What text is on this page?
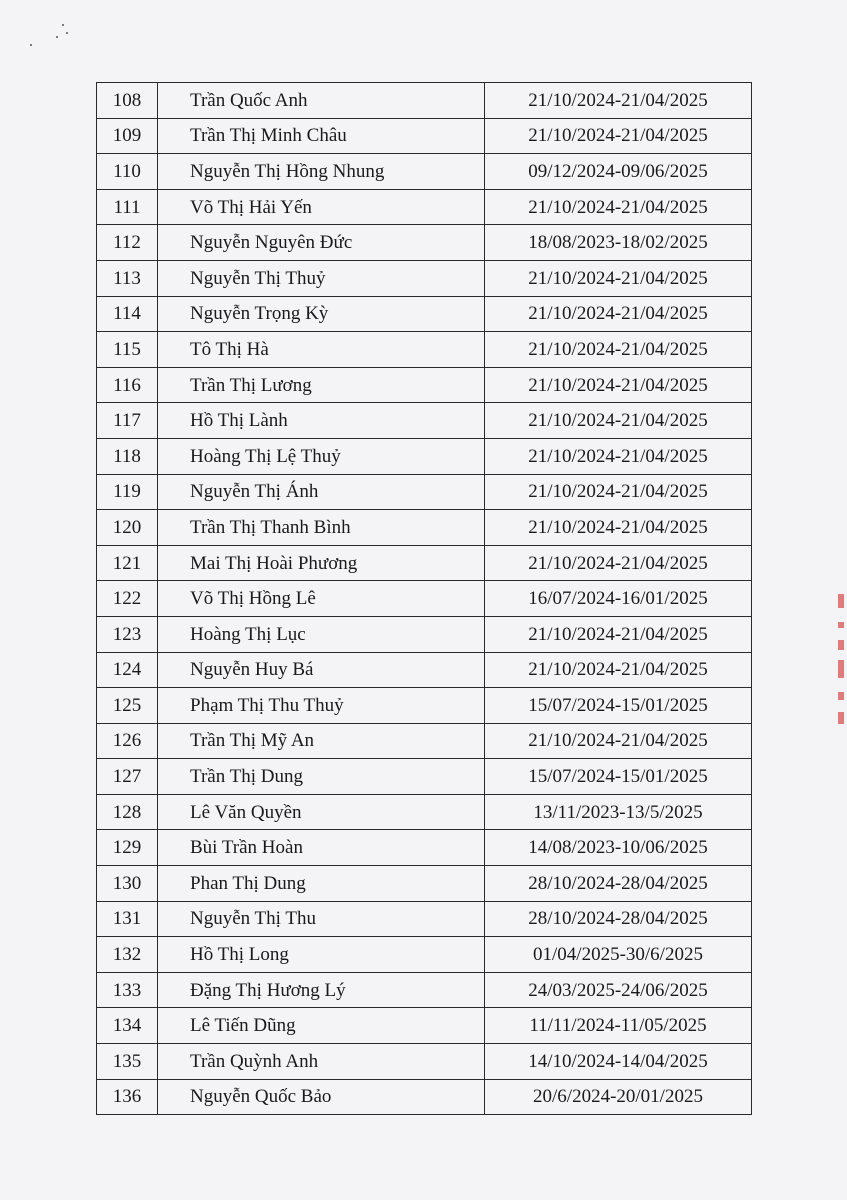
108	Trần Quốc Anh	21/10/2024-21/04/2025
109	Trần Thị Minh Châu	21/10/2024-21/04/2025
110	Nguyễn Thị Hồng Nhung	09/12/2024-09/06/2025
111	Võ Thị Hải Yến	21/10/2024-21/04/2025
112	Nguyễn Nguyên Đức	18/08/2023-18/02/2025
113	Nguyễn Thị Thuỷ	21/10/2024-21/04/2025
114	Nguyễn Trọng Kỳ	21/10/2024-21/04/2025
115	Tô Thị Hà	21/10/2024-21/04/2025
116	Trần Thị Lương	21/10/2024-21/04/2025
117	Hồ Thị Lành	21/10/2024-21/04/2025
118	Hoàng Thị Lệ Thuỷ	21/10/2024-21/04/2025
119	Nguyễn Thị Ánh	21/10/2024-21/04/2025
120	Trần Thị Thanh Bình	21/10/2024-21/04/2025
121	Mai Thị Hoài Phương	21/10/2024-21/04/2025
122	Võ Thị Hồng Lê	16/07/2024-16/01/2025
123	Hoàng Thị Lục	21/10/2024-21/04/2025
124	Nguyễn Huy Bá	21/10/2024-21/04/2025
125	Phạm Thị Thu Thuỷ	15/07/2024-15/01/2025
126	Trần Thị Mỹ An	21/10/2024-21/04/2025
127	Trần Thị Dung	15/07/2024-15/01/2025
128	Lê Văn Quyền	13/11/2023-13/5/2025
129	Bùi Trần Hoàn	14/08/2023-10/06/2025
130	Phan Thị Dung	28/10/2024-28/04/2025
131	Nguyễn Thị Thu	28/10/2024-28/04/2025
132	Hồ Thị Long	01/04/2025-30/6/2025
133	Đặng Thị Hương Lý	24/03/2025-24/06/2025
134	Lê Tiến Dũng	11/11/2024-11/05/2025
135	Trần Quỳnh Anh	14/10/2024-14/04/2025
136	Nguyễn Quốc Bảo	20/6/2024-20/01/2025
